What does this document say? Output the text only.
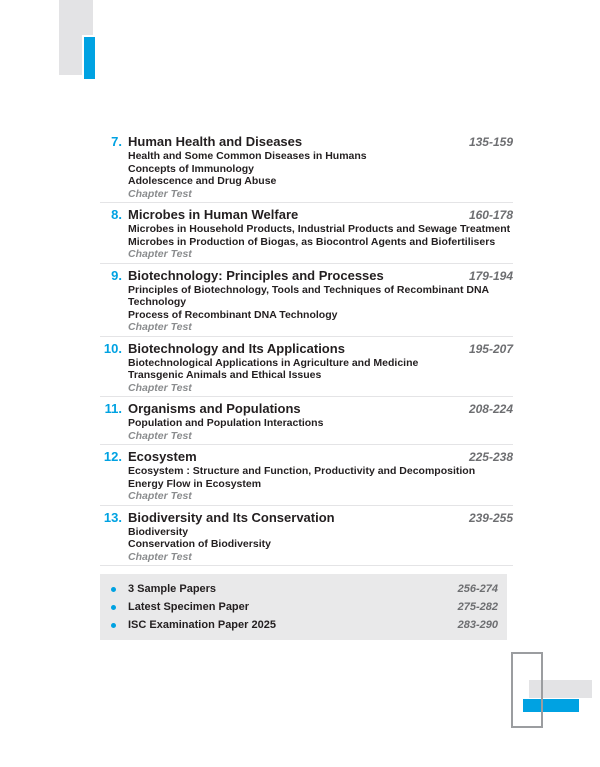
7. Human Health and Diseases	135-159
Health and Some Common Diseases in Humans
Concepts of Immunology
Adolescence and Drug Abuse
Chapter Test
8. Microbes in Human Welfare	160-178
Microbes in Household Products, Industrial Products and Sewage Treatment
Microbes in Production of Biogas, as Biocontrol Agents and Biofertilisers
Chapter Test
9. Biotechnology: Principles and Processes	179-194
Principles of Biotechnology, Tools and Techniques of Recombinant DNA Technology
Process of Recombinant DNA Technology
Chapter Test
10. Biotechnology and Its Applications	195-207
Biotechnological Applications in Agriculture and Medicine
Transgenic Animals and Ethical Issues
Chapter Test
11. Organisms and Populations	208-224
Population and Population Interactions
Chapter Test
12. Ecosystem	225-238
Ecosystem : Structure and Function, Productivity and Decomposition
Energy Flow in Ecosystem
Chapter Test
13. Biodiversity and Its Conservation	239-255
Biodiversity
Conservation of Biodiversity
Chapter Test
3 Sample Papers	256-274
Latest Specimen Paper	275-282
ISC Examination Paper 2025	283-290
